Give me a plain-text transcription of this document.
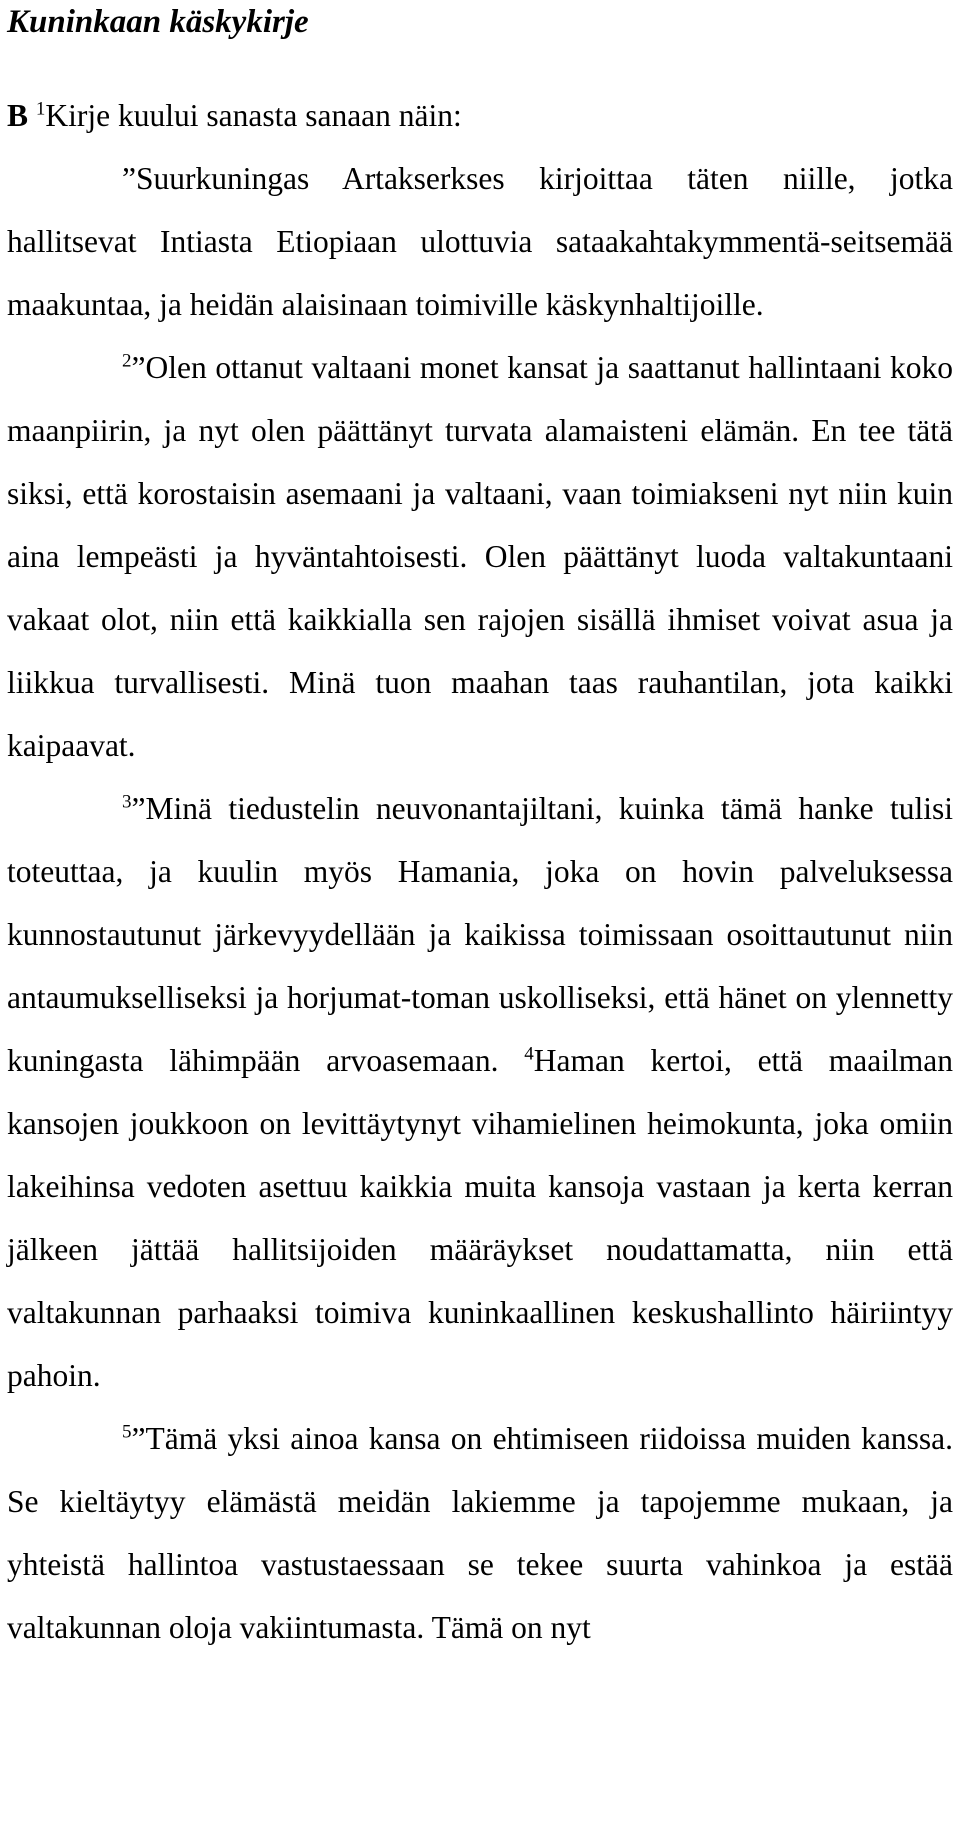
Kuninkaan käskykirje

B $^1$Kirje kuului sanasta sanaan näin:

”Suurkuningas Artakserkses kirjoittaa täten niille, jotka hallitsevat Intiasta Etiopiaan ulottuvia sataakahtakymmentä-seitsemää maakuntaa, ja heidän alaisinaan toimiville käskynhaltijoille.

$^2$”Olen ottanut valtaani monet kansat ja saattanut hallintaani koko maanpiirin, ja nyt olen päättänyt turvata alamaisteni elämän. En tee tätä siksi, että korostaisin asemaani ja valtaani, vaan toimiakseni nyt niin kuin aina lempeästi ja hyväntahtoisesti. Olen päättänyt luoda valtakuntaani vakaat olot, niin että kaikkialla sen rajojen sisällä ihmiset voivat asua ja liikkua turvallisesti. Minä tuon maahan taas rauhantilan, jota kaikki kaipaavat.

$^3$”Minä tiedustelin neuvonantajiltani, kuinka tämä hanke tulisi toteuttaa, ja kuulin myös Hamania, joka on hovin palveluksessa kunnostautunut järkevyydellään ja kaikissa toimissaan osoittautunut niin antaumukselliseksi ja horjumat-toman uskolliseksi, että hänet on ylennetty kuningasta lähimpään arvoasemaan. $^4$Haman kertoi, että maailman kansojen joukkoon on levittäytynyt vihamielinen heimokunta, joka omiin lakeihinsa vedoten asettuu kaikkia muita kansoja vastaan ja kerta kerran jälkeen jättää hallitsijoiden määräykset noudattamatta, niin että valtakunnan parhaaksi toimiva kuninkaallinen keskushallinto häiriintyy pahoin.

$^5$”Tämä yksi ainoa kansa on ehtimiseen riidoissa muiden kanssa. Se kieltäytyy elämästä meidän lakiemme ja tapojemme mukaan, ja yhteistä hallintoa vastustaessaan se tekee suurta vahinkoa ja estää valtakunnan oloja vakiintumasta. Tämä on nyt
